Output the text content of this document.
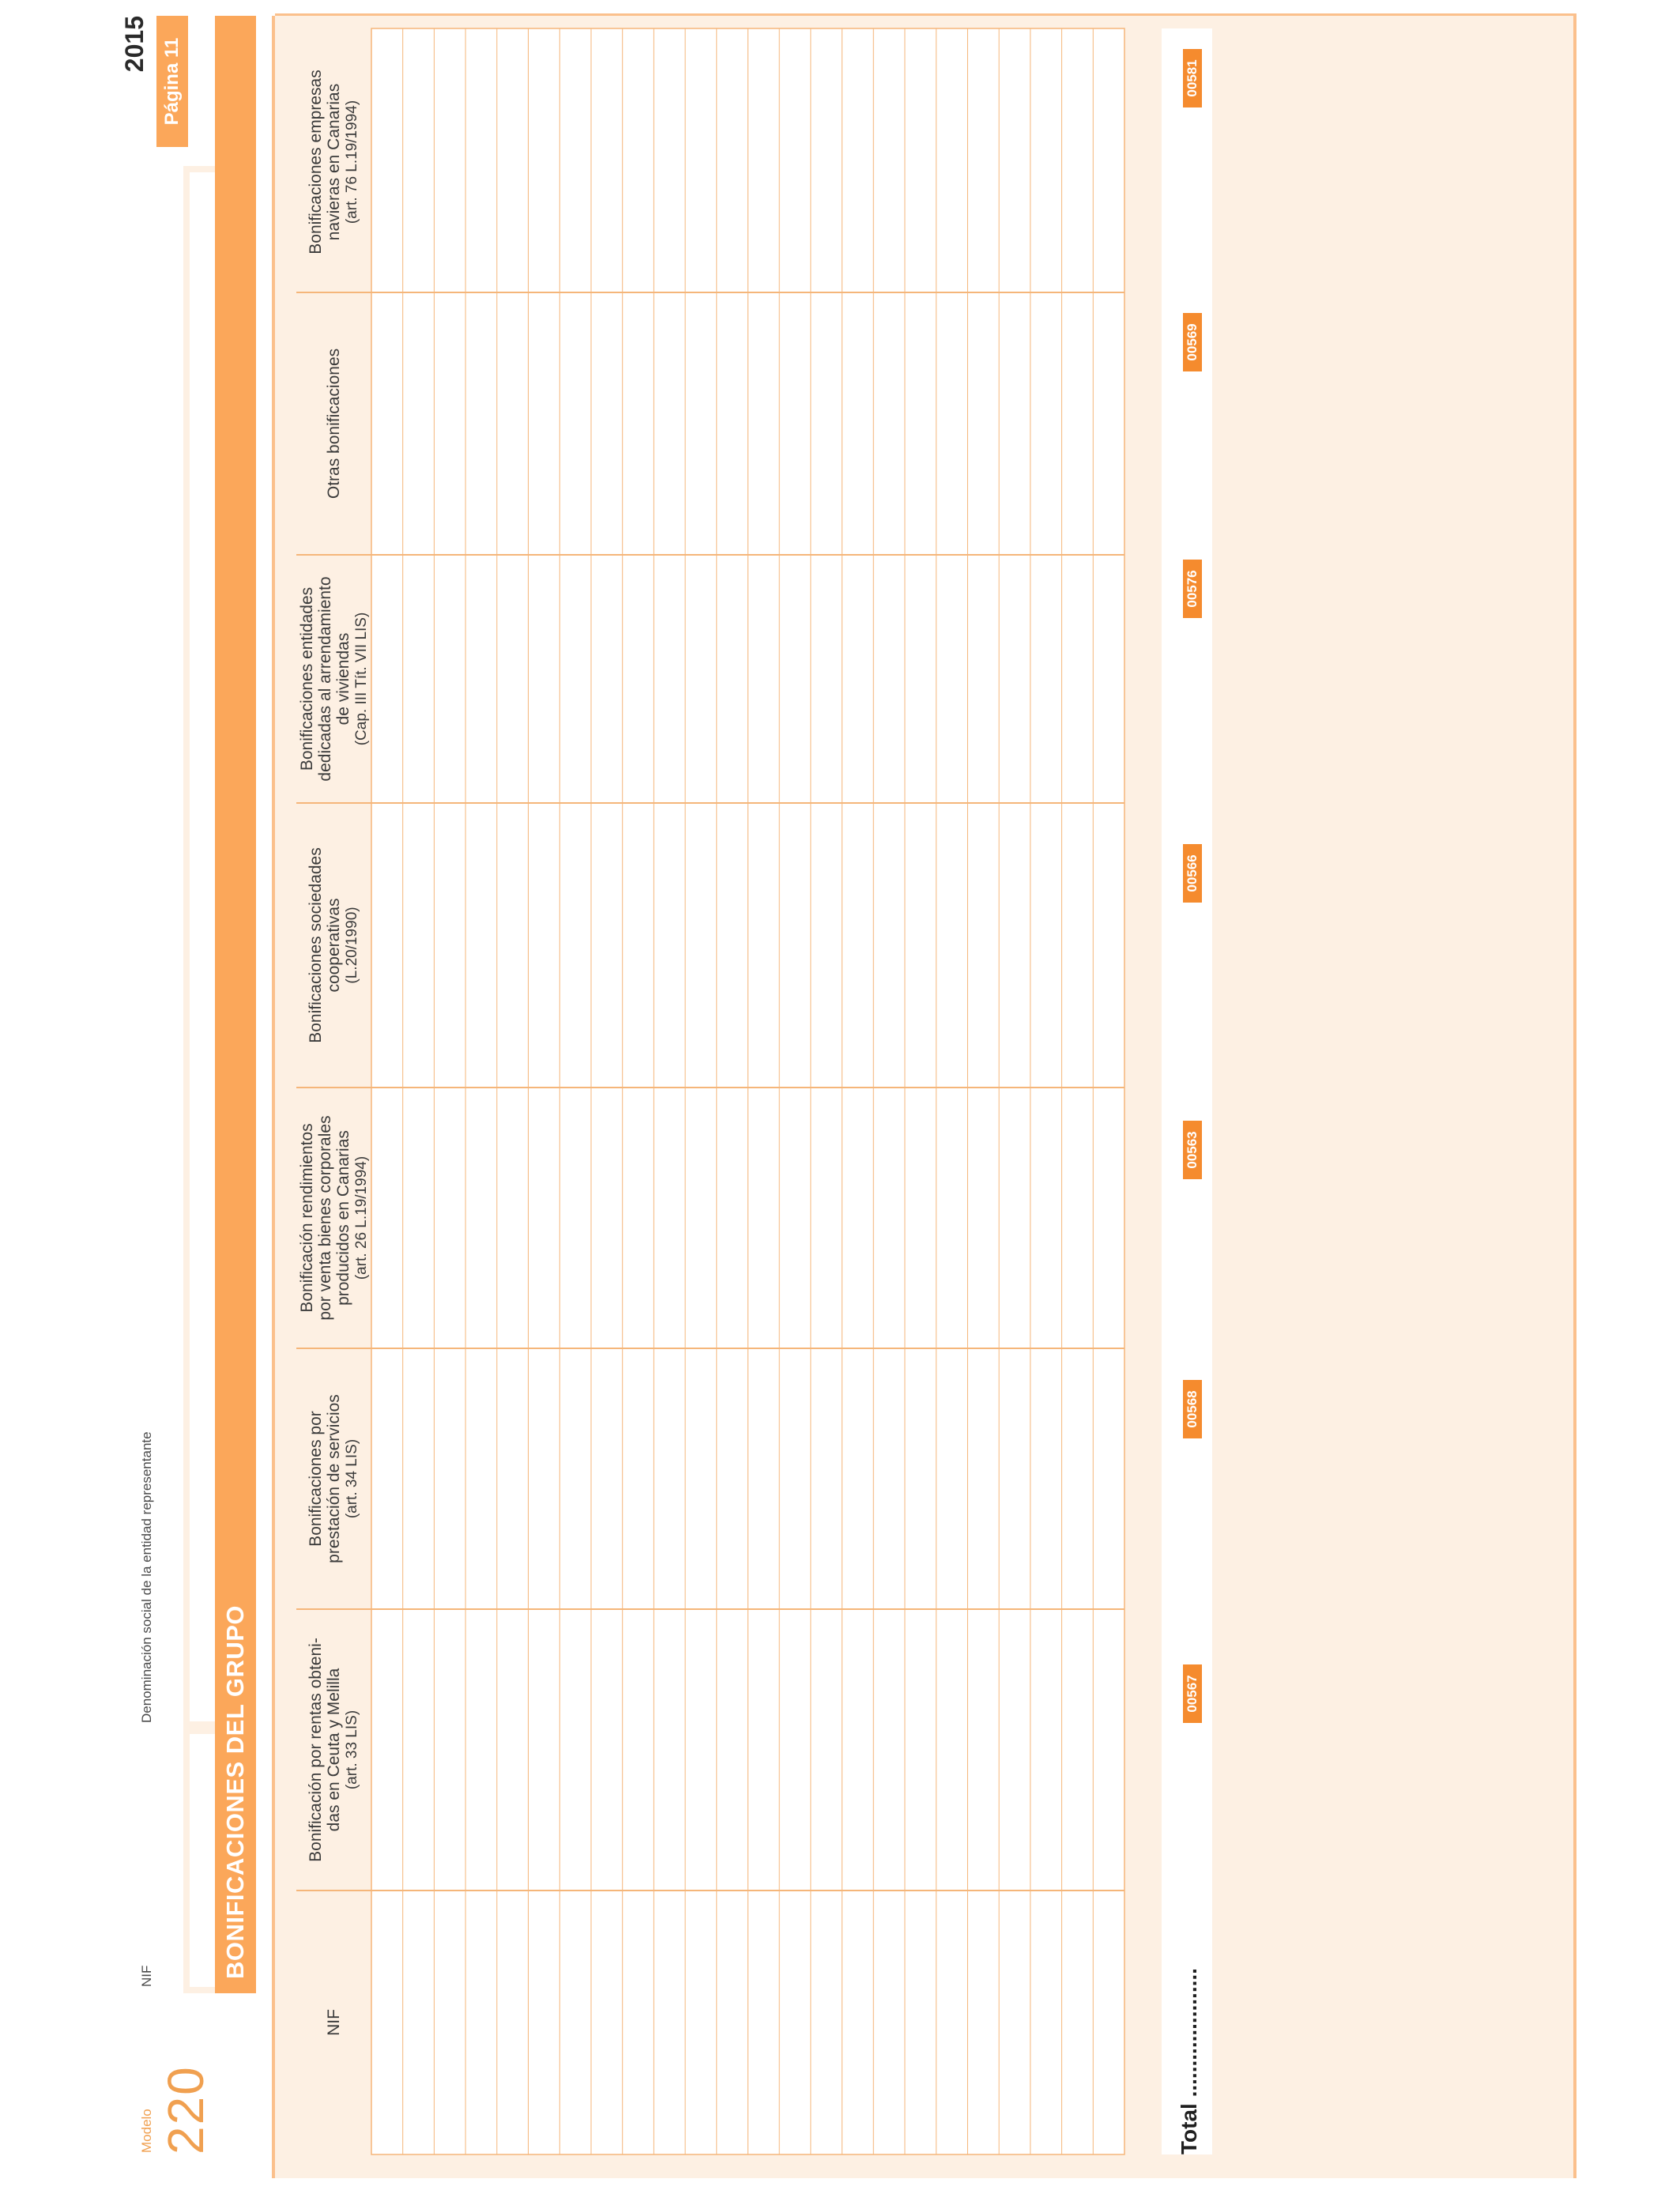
Modelo 220
NIF
Denominación social de la entidad representante
2015 Página 11
BONIFICACIONES DEL GRUPO
NIF
Bonificación por rentas obteni-
das en Ceuta y Melilla
(art. 33 LIS)
Bonificaciones por
prestación de servicios
(art. 34 LIS)
Bonificación rendimientos
por venta bienes corporales
producidos en Canarias (art. 26 L.19/1994)
Bonificaciones sociedades
cooperativas (L.20/1990)
Bonificaciones entidades
dedicadas al arrendamiento
de viviendas (Cap. III Tít. VII LIS)
Otras bonificaciones
Bonificaciones empresas
navieras en Canarias (art. 76 L.19/1994)
Total .....................
00567
00568
00563
00566
00576
00569
00581
